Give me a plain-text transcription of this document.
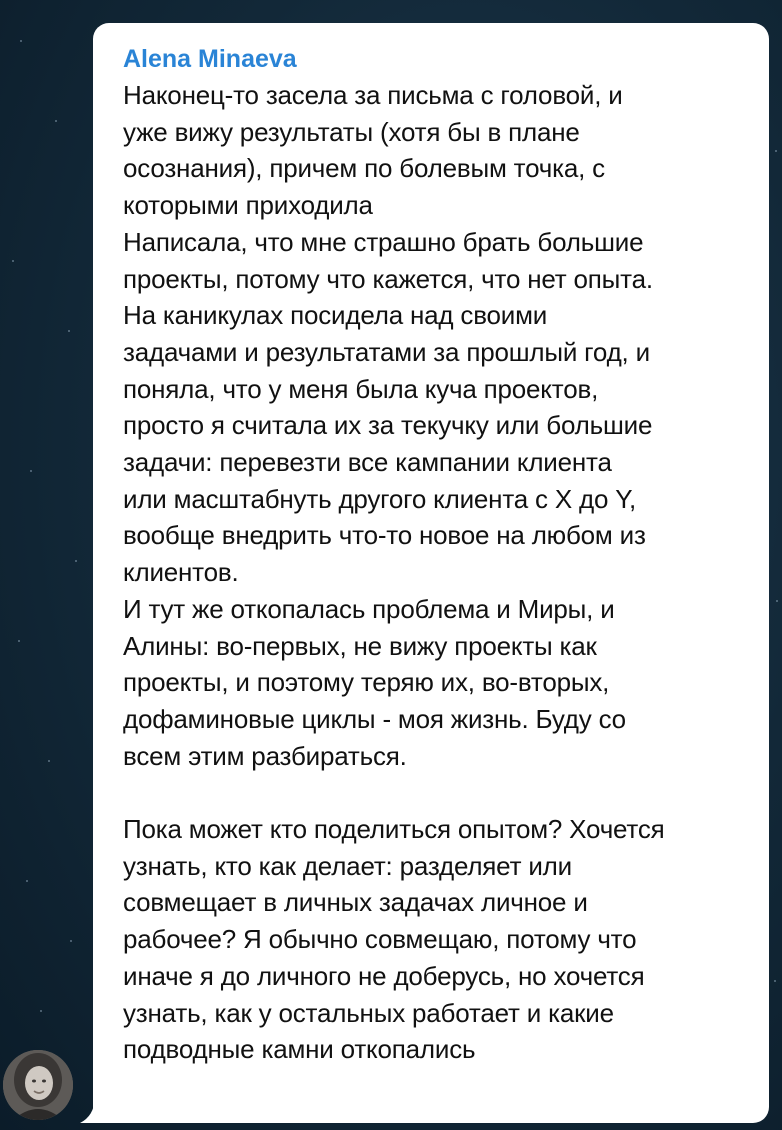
Alena Minaeva
Наконец-то засела за письма с головой, и
уже вижу результаты (хотя бы в плане
осознания), причем по болевым точка, с
которыми приходила
Написала, что мне страшно брать большие
проекты, потому что кажется, что нет опыта.
На каникулах посидела над своими
задачами и результатами за прошлый год, и
поняла, что у меня была куча проектов,
просто я считала их за текучку или большие
задачи: перевезти все кампании клиента
или масштабнуть другого клиента с X до Y,
вообще внедрить что-то новое на любом из
клиентов.
И тут же откопалась проблема и Миры, и
Алины: во-первых, не вижу проекты как
проекты, и поэтому теряю их, во-вторых,
дофаминовые циклы - моя жизнь. Буду со
всем этим разбираться.

Пока может кто поделиться опытом? Хочется
узнать, кто как делает: разделяет или
совмещает в личных задачах личное и
рабочее? Я обычно совмещаю, потому что
иначе я до личного не доберусь, но хочется
узнать, как у остальных работает и какие
подводные камни откопались
